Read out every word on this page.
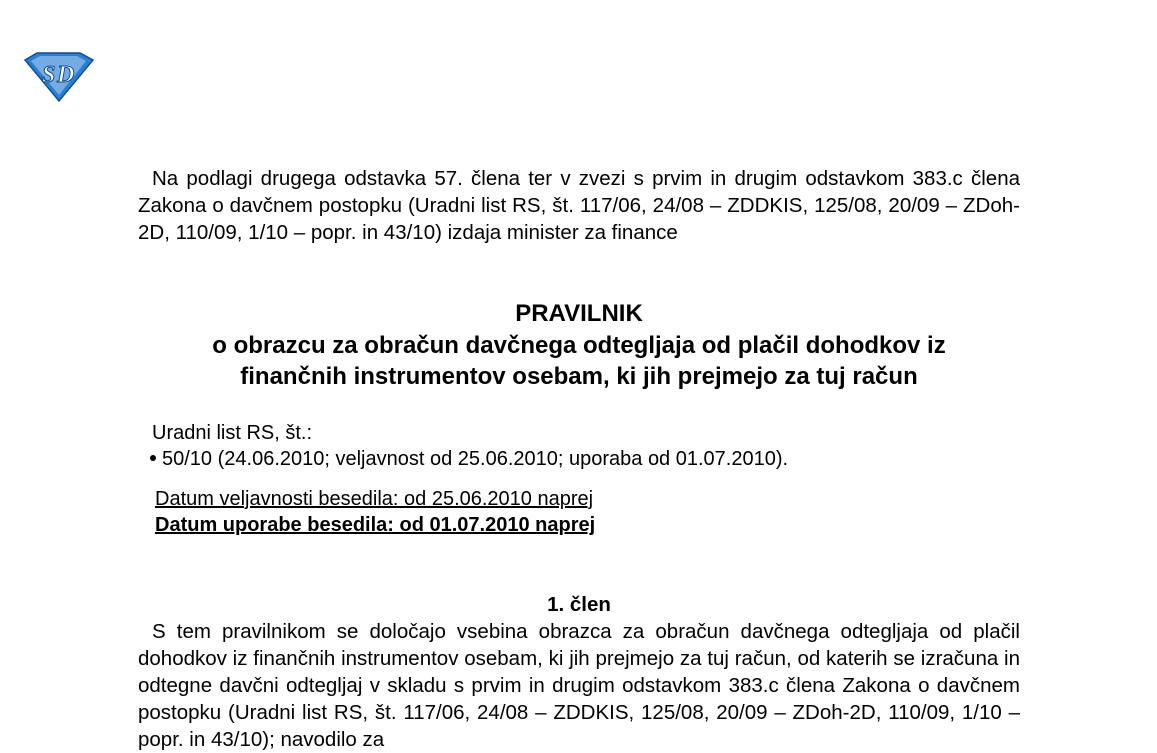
S D

Na podlagi drugega odstavka 57. člena ter v zvezi s prvim in drugim odstavkom 383.c člena Zakona o davčnem postopku (Uradni list RS, št. 117/06, 24/08 – ZDDKIS, 125/08, 20/09 – ZDoh-2D, 110/09, 1/10 – popr. in 43/10) izdaja minister za finance

PRAVILNIK
o obrazcu za obračun davčnega odtegljaja od plačil dohodkov iz
finančnih instrumentov osebam, ki jih prejmejo za tuj račun
Uradni list RS, št.:
50/10 (24.06.2010; veljavnost od 25.06.2010; uporaba od 01.07.2010).
Datum veljavnosti besedila: od 25.06.2010 naprej
Datum uporabe besedila: od 01.07.2010 naprej
1. člen

S tem pravilnikom se določajo vsebina obrazca za obračun davčnega odtegljaja od plačil dohodkov iz finančnih instrumentov osebam, ki jih prejmejo za tuj račun, od katerih se izračuna in odtegne davčni odtegljaj v skladu s prvim in drugim odstavkom 383.c člena Zakona o davčnem postopku (Uradni list RS, št. 117/06, 24/08 – ZDDKIS, 125/08, 20/09 – ZDoh-2D, 110/09, 1/10 – popr. in 43/10); navodilo za
